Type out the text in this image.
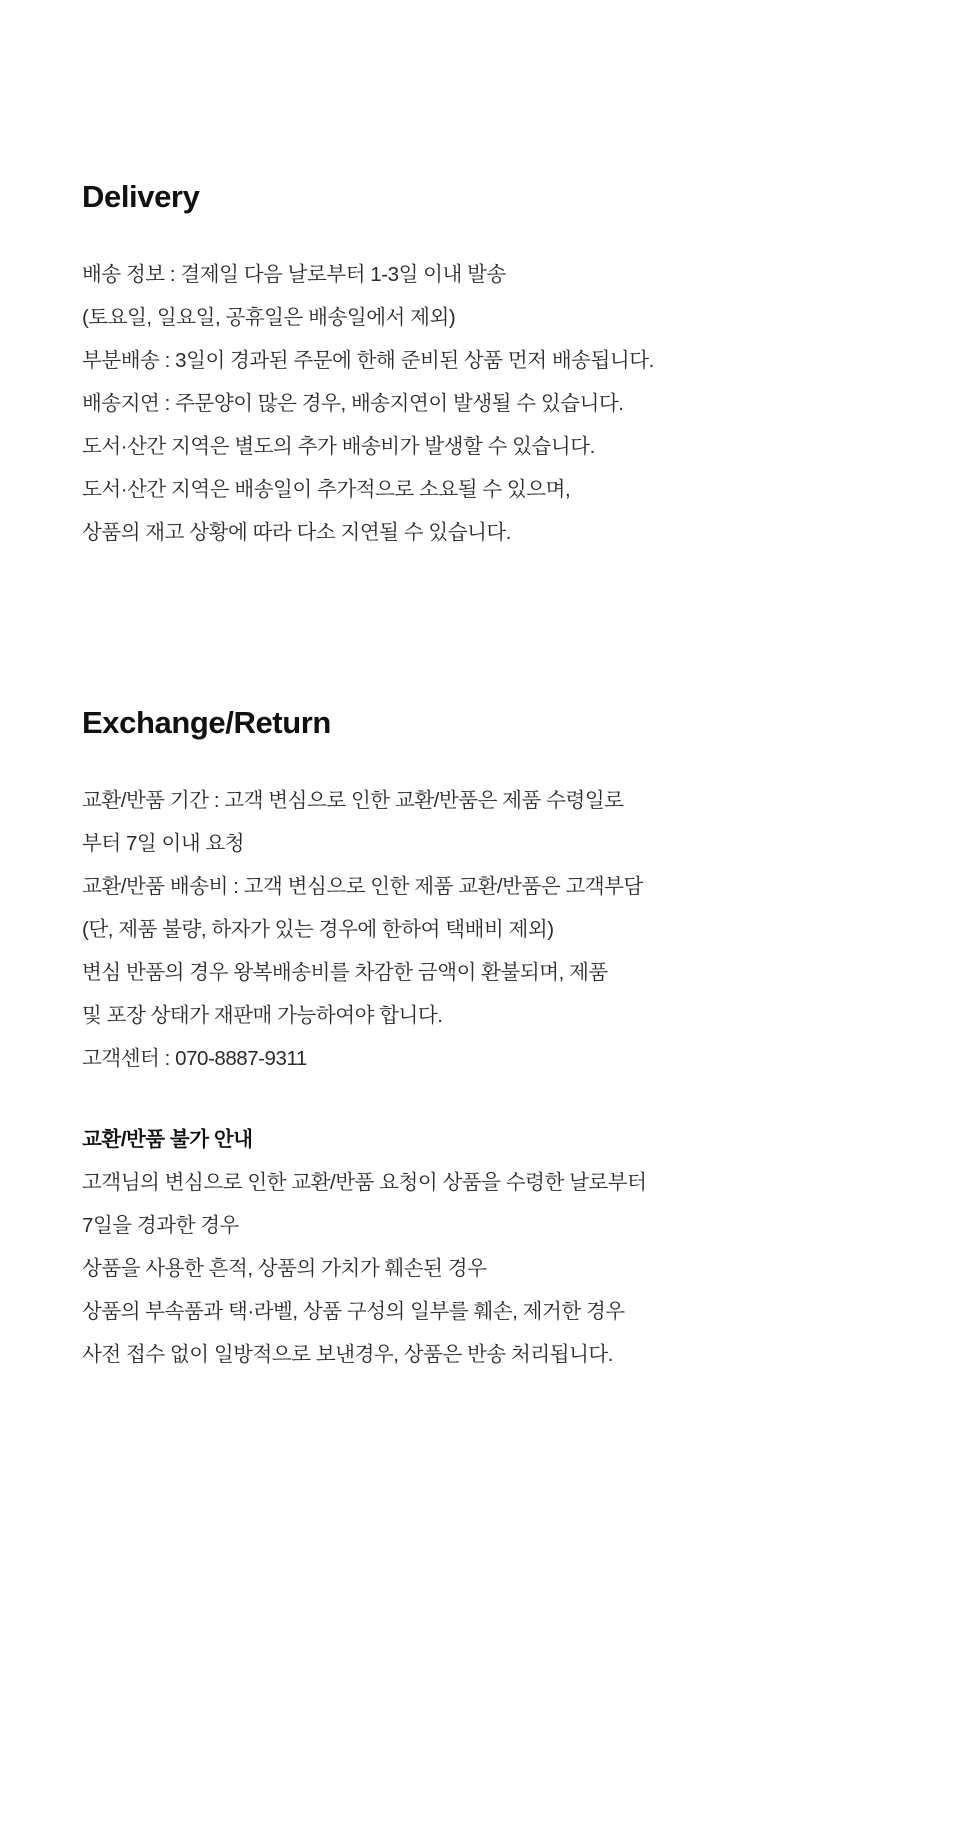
Delivery
배송 정보 : 결제일 다음 날로부터 1-3일 이내 발송
(토요일, 일요일, 공휴일은 배송일에서 제외)
부분배송 : 3일이 경과된 주문에 한해 준비된 상품 먼저 배송됩니다.
배송지연 : 주문양이 많은 경우, 배송지연이 발생될 수 있습니다.
도서·산간 지역은 별도의 추가 배송비가 발생할 수 있습니다.
도서·산간 지역은 배송일이 추가적으로 소요될 수 있으며,
상품의 재고 상황에 따라 다소 지연될 수 있습니다.
Exchange/Return
교환/반품 기간 : 고객 변심으로 인한 교환/반품은 제품 수령일로
부터 7일 이내 요청
교환/반품 배송비 : 고객 변심으로 인한 제품 교환/반품은 고객부담
(단, 제품 불량, 하자가 있는 경우에 한하여 택배비 제외)
변심 반품의 경우 왕복배송비를 차감한 금액이 환불되며, 제품
및 포장 상태가 재판매 가능하여야 합니다.
고객센터 : 070-8887-9311

교환/반품 불가 안내

고객님의 변심으로 인한 교환/반품 요청이 상품을 수령한 날로부터
7일을 경과한 경우
상품을 사용한 흔적, 상품의 가치가 훼손된 경우
상품의 부속품과 택·라벨, 상품 구성의 일부를 훼손, 제거한 경우
사전 접수 없이 일방적으로 보낸경우, 상품은 반송 처리됩니다.
